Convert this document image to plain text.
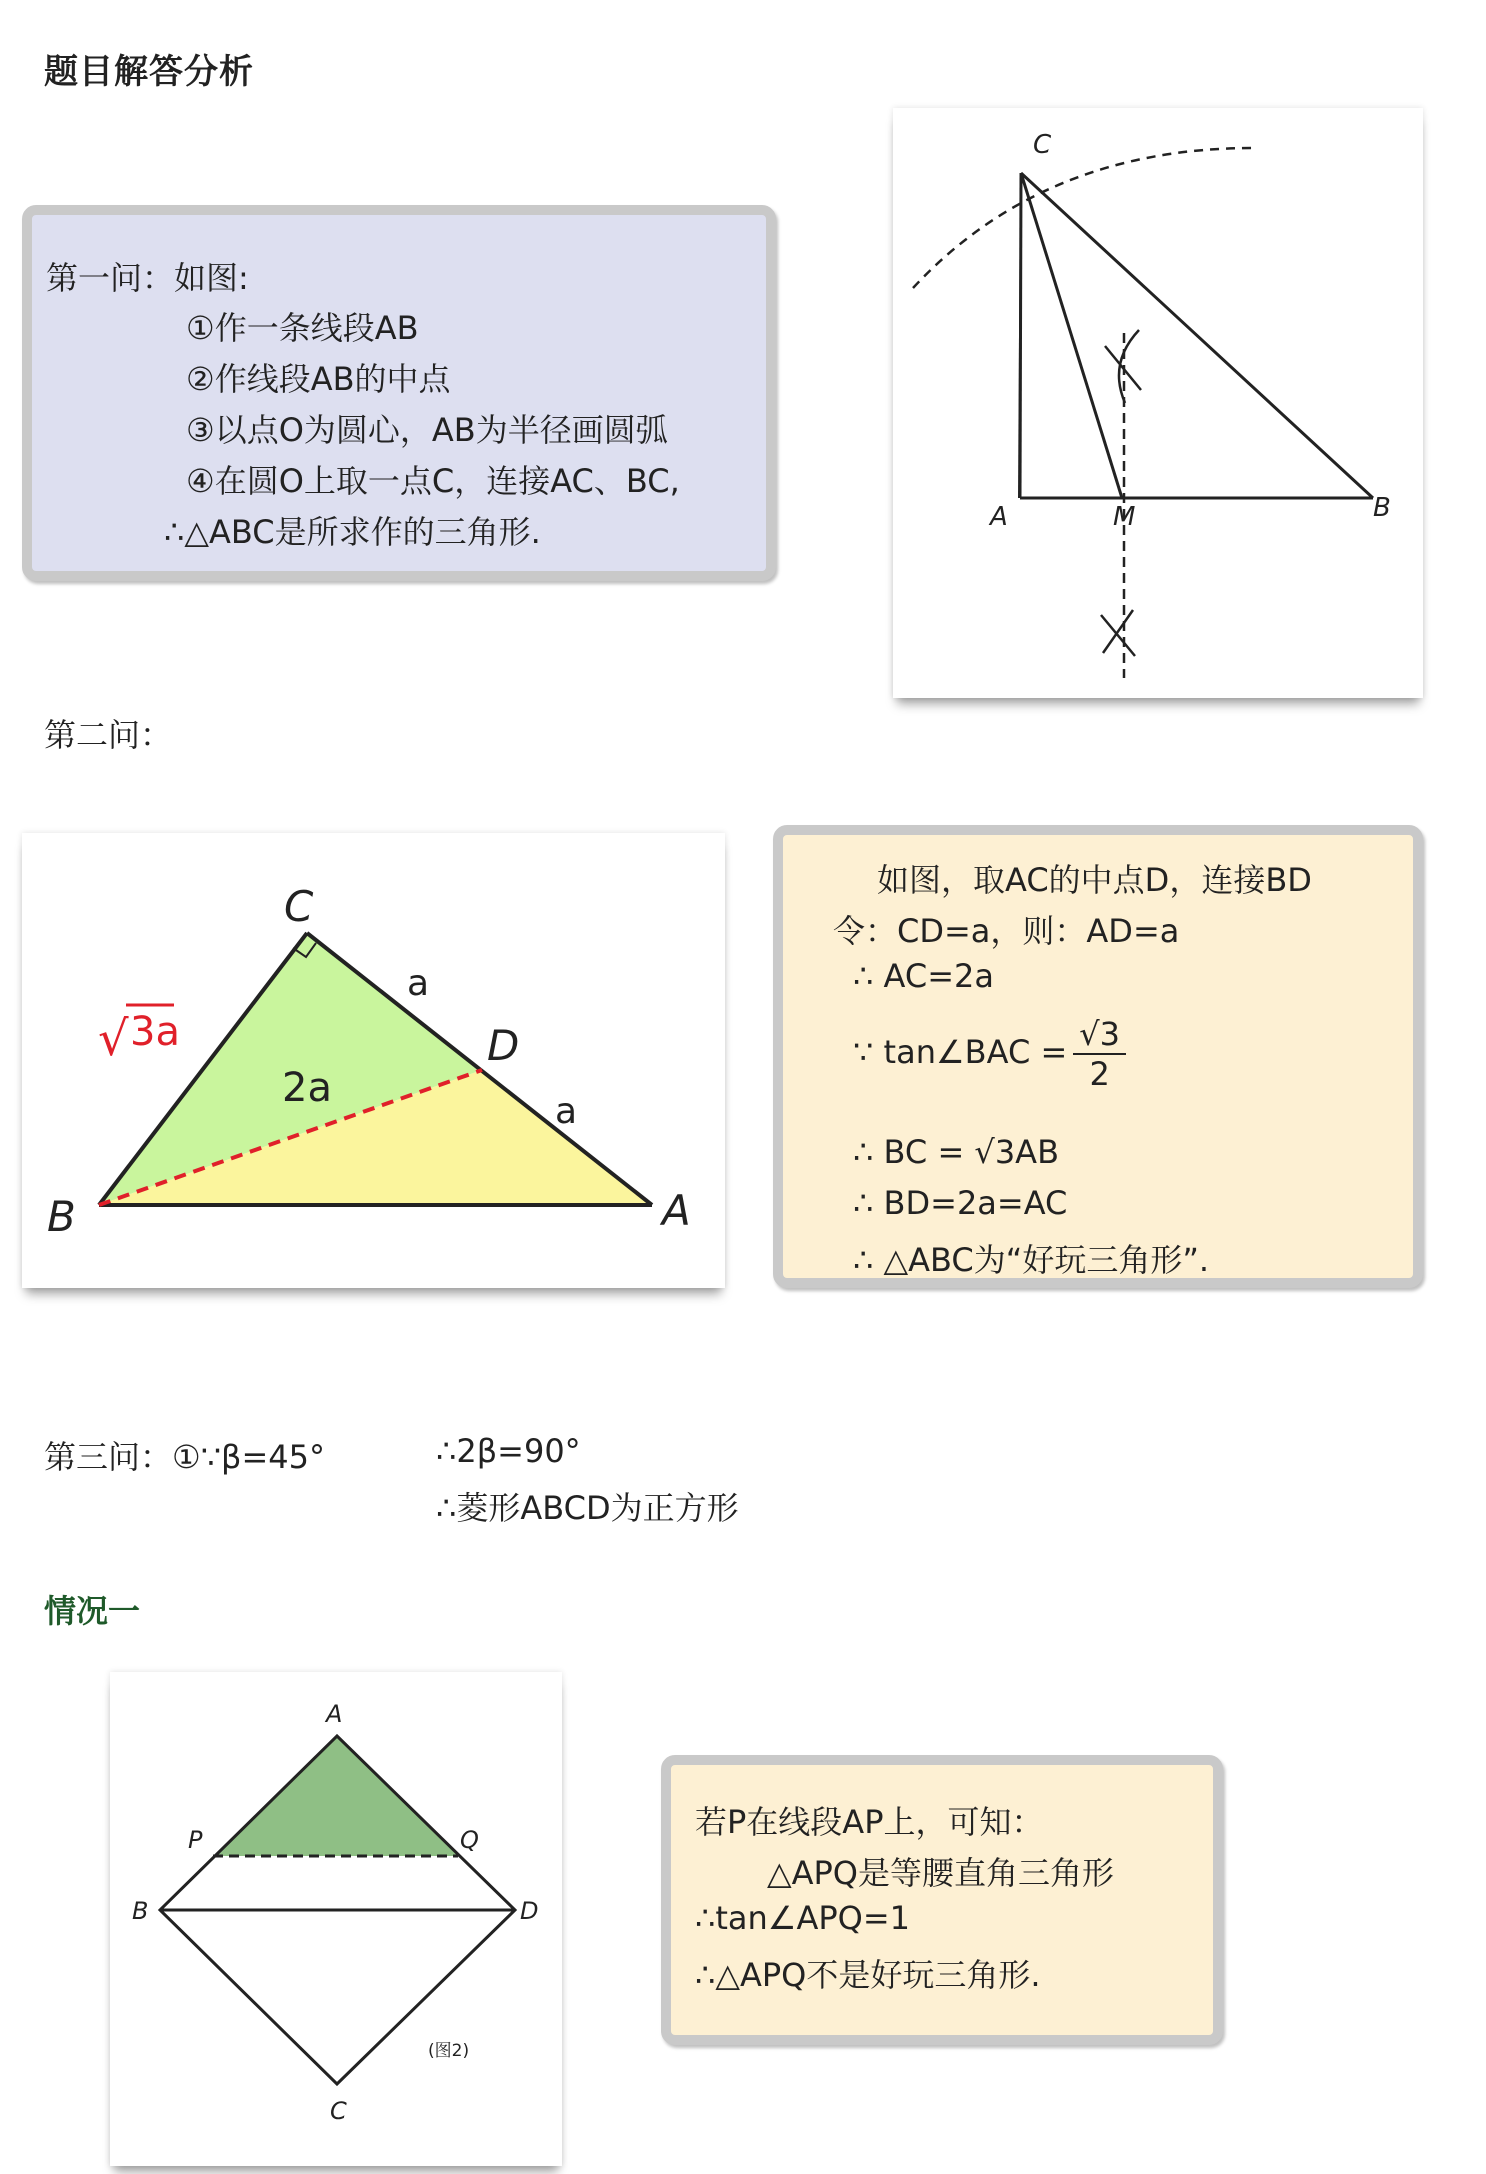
题目解答分析
第一问：如图:
①作一条线段AB
②作线段AB的中点
③以点O为圆心，AB为半径画圆弧
④在圆O上取一点C，连接AC、BC,
∴△ABC是所求作的三角形.
C
A	M	B
第二问：
C
D
B	A
a
a
2a
√ 3a
如图，取AC的中点D，连接BD
令：CD=a，则：AD=a
∴ AC=2a
∵ tan∠BAC = $\frac{√3}{2}$
∴ BC = √3AB
∴ BD=2a=AC
∴ △ABC为“好玩三角形”.
第三问：①∵β=45°	∴2β=90°
∴菱形ABCD为正方形
情况一
A
P	Q
B	D
C
(图2)
若P在线段AP上，可知：
△APQ是等腰直角三角形
∴tan∠APQ=1
∴△APQ不是好玩三角形.
